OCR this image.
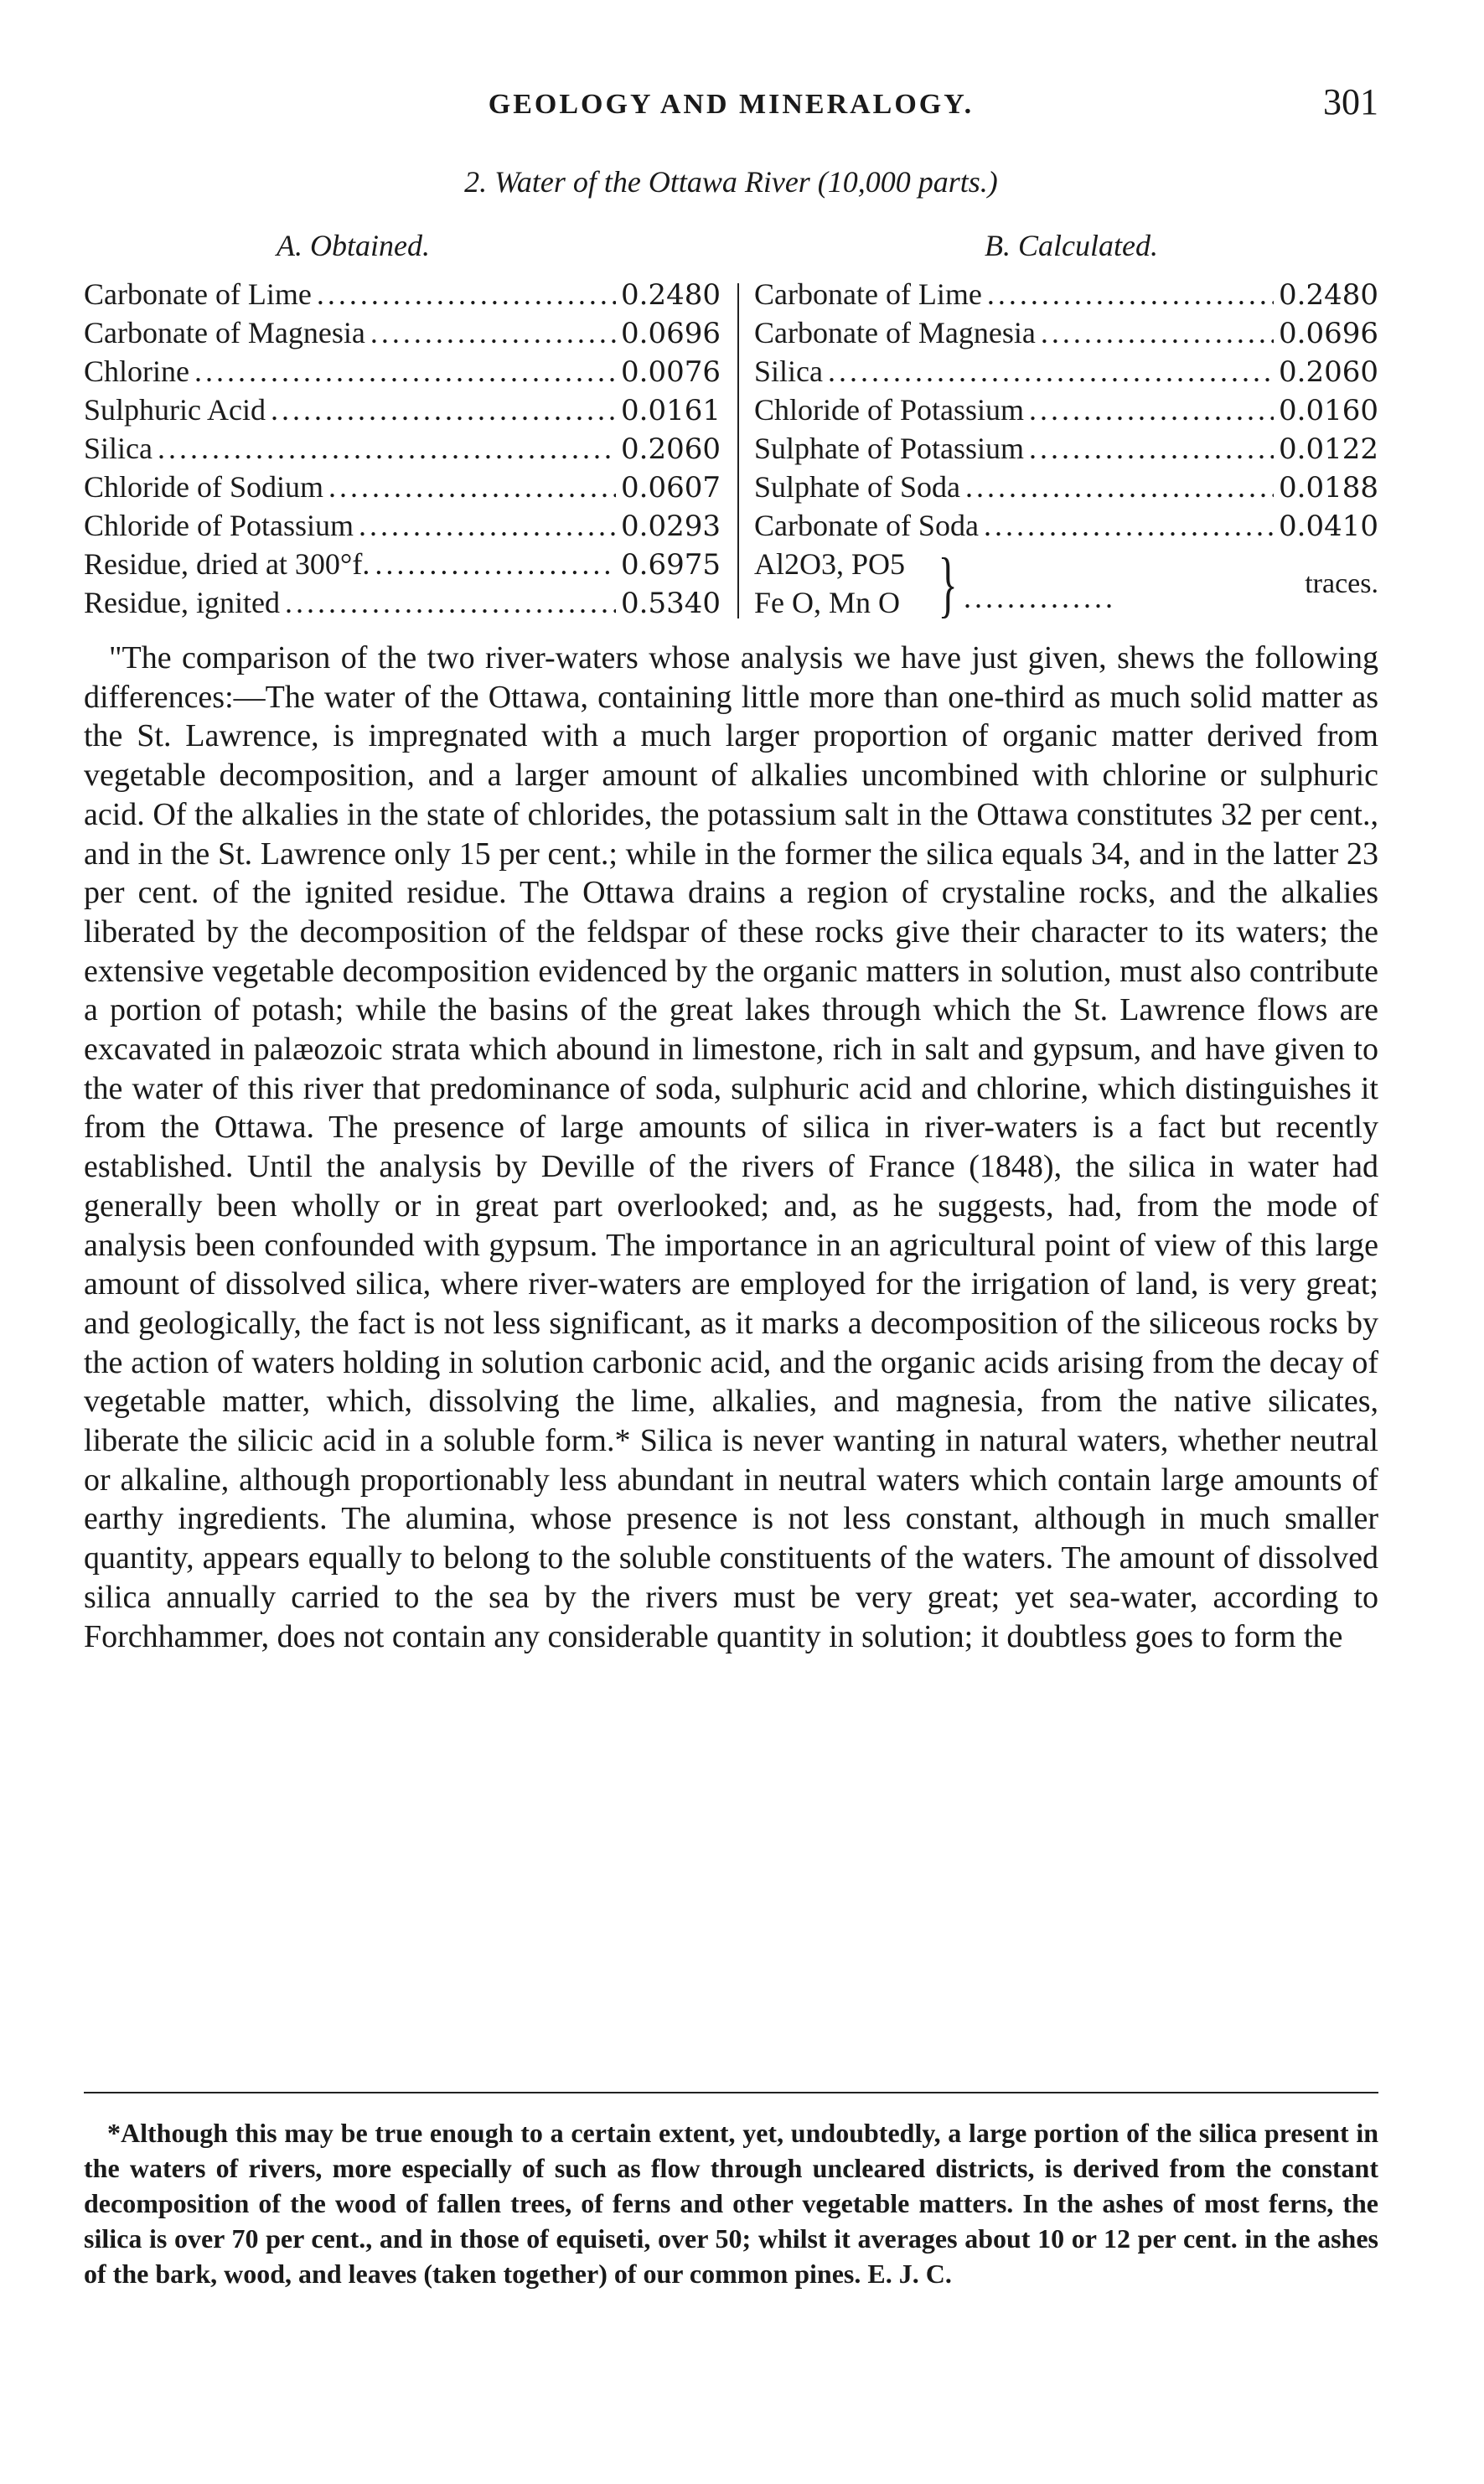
GEOLOGY AND MINERALOGY.	301
2. Water of the Ottawa River (10,000 parts.)
A. Obtained.	B. Calculated.
Carbonate of Lime .....	0.2480
Carbonate of Magnesia .....	0.0696
Chlorine .....	0.0076
Sulphuric Acid .....	0.0161
Silica .....	0.2060
Chloride of Sodium .....	0.0607
Chloride of Potassium .....	0.0293
Residue, dried at 300°f. .....	0.6975
Residue, ignited .....	0.5340
Carbonate of Lime .....	0.2480
Carbonate of Magnesia .....	0.0696
Silica .....	0.2060
Chloride of Potassium .....	0.0160
Sulphate of Potassium .....	0.0122
Sulphate of Soda .....	0.0188
Carbonate of Soda .....	0.0410
Al2O3, PO5
Fe O, Mn O } ..............	traces.

"The comparison of the two river-waters whose analysis we have just given, shews the following differences:—The water of the Ottawa, containing little more than one-third as much solid matter as the St. Lawrence, is impregnated with a much larger proportion of organic matter derived from vegetable decomposition, and a larger amount of alkalies uncombined with chlorine or sulphuric acid. Of the alkalies in the state of chlorides, the potassium salt in the Ottawa constitutes 32 per cent., and in the St. Lawrence only 15 per cent.; while in the former the silica equals 34, and in the latter 23 per cent. of the ignited residue. The Ottawa drains a region of crystaline rocks, and the alkalies liberated by the decomposition of the feldspar of these rocks give their character to its waters; the extensive vegetable decomposition evidenced by the organic matters in solution, must also contribute a portion of potash; while the basins of the great lakes through which the St. Lawrence flows are excavated in palæozoic strata which abound in limestone, rich in salt and gypsum, and have given to the water of this river that predominance of soda, sulphuric acid and chlorine, which distinguishes it from the Ottawa. The presence of large amounts of silica in river-waters is a fact but recently established. Until the analysis by Deville of the rivers of France (1848), the silica in water had generally been wholly or in great part overlooked; and, as he suggests, had, from the mode of analysis been confounded with gypsum. The importance in an agricultural point of view of this large amount of dissolved silica, where river-waters are employed for the irrigation of land, is very great; and geologically, the fact is not less significant, as it marks a decomposition of the siliceous rocks by the action of waters holding in solution carbonic acid, and the organic acids arising from the decay of vegetable matter, which, dissolving the lime, alkalies, and magnesia, from the native silicates, liberate the silicic acid in a soluble form.* Silica is never wanting in natural waters, whether neutral or alkaline, although proportionably less abundant in neutral waters which contain large amounts of earthy ingredients. The alumina, whose presence is not less constant, although in much smaller quantity, appears equally to belong to the soluble constituents of the waters. The amount of dissolved silica annually carried to the sea by the rivers must be very great; yet sea-water, according to Forchhammer, does not contain any considerable quantity in solution; it doubtless goes to form the

*Although this may be true enough to a certain extent, yet, undoubtedly, a large portion of the silica present in the waters of rivers, more especially of such as flow through uncleared districts, is derived from the constant decomposition of the wood of fallen trees, of ferns and other vegetable matters. In the ashes of most ferns, the silica is over 70 per cent., and in those of equiseti, over 50; whilst it averages about 10 or 12 per cent. in the ashes of the bark, wood, and leaves (taken together) of our common pines. E. J. C.
